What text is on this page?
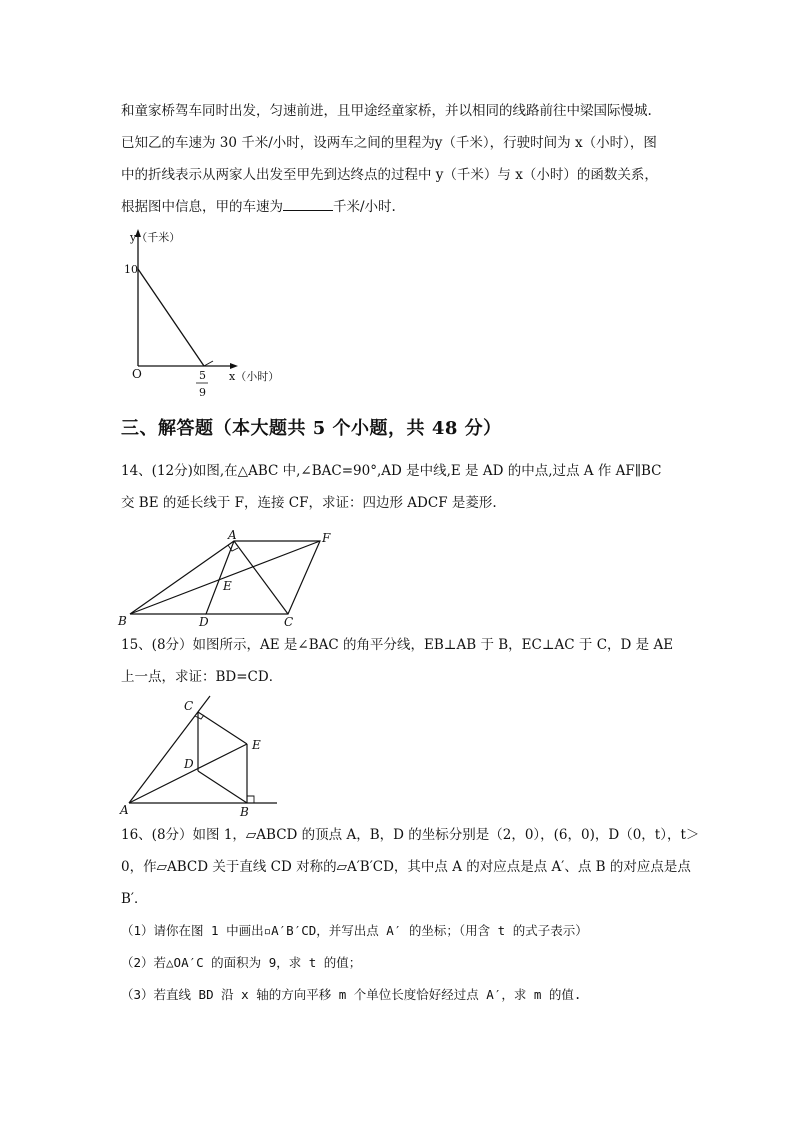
和童家桥驾车同时出发，匀速前进，且甲途经童家桥，并以相同的线路前往中梁国际慢城.
已知乙的车速为 30 千米/小时，设两车之间的里程为y（千米），行驶时间为 x（小时），图
中的折线表示从两家人出发至甲先到达终点的过程中 y（千米）与 x（小时）的函数关系，
根据图中信息，甲的车速为	千米/小时.
y（千米）
10
O	5
9
x（小时）
三、解答题（本大题共 5 个小题，共 48 分）
14、(12分)如图,在△ABC 中,∠BAC=90°,AD 是中线,E 是 AD 的中点,过点 A 作 AF∥BC
交 BE 的延长线于 F，连接 CF，求证：四边形 ADCF 是菱形.
A	F
E
B	D	C
15、(8分）如图所示，AE 是∠BAC 的角平分线，EB⊥AB 于 B，EC⊥AC 于 C，D 是 AE
上一点，求证：BD=CD．
C
E
D
A	B
16、(8分）如图 1，▱ABCD 的顶点 A，B，D 的坐标分别是（2，0），(6，0)，D（0，t），t＞
0，作▱ABCD 关于直线 CD 对称的▱A′B′CD，其中点 A 的对应点是点 A′、点 B 的对应点是点
B′．
（1）请你在图 1 中画出▫A′B′CD，并写出点 A′ 的坐标；（用含 t 的式子表示）
（2）若△OA′C 的面积为 9，求 t 的值；
（3）若直线 BD 沿 x 轴的方向平移 m 个单位长度恰好经过点 A′，求 m 的值.
